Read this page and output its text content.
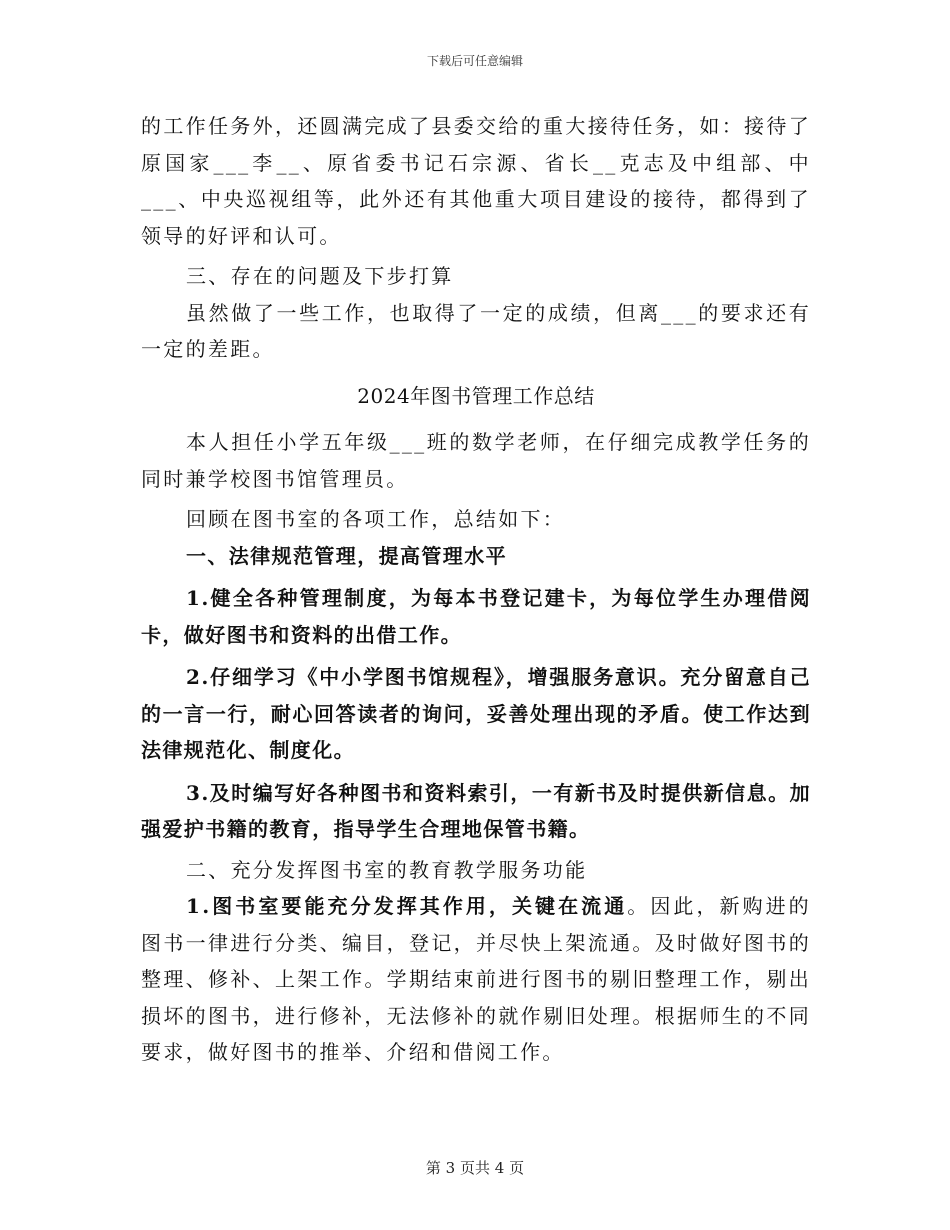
下载后可任意编辑

的工作任务外，还圆满完成了县委交给的重大接待任务，如：接待了原国家___李__、原省委书记石宗源、省长__克志及中组部、中___、中央巡视组等，此外还有其他重大项目建设的接待，都得到了领导的好评和认可。

三、存在的问题及下步打算

虽然做了一些工作，也取得了一定的成绩，但离___的要求还有一定的差距。

2024年图书管理工作总结

本人担任小学五年级___班的数学老师，在仔细完成教学任务的同时兼学校图书馆管理员。

回顾在图书室的各项工作，总结如下：

一、法律规范管理，提高管理水平

1.健全各种管理制度，为每本书登记建卡，为每位学生办理借阅卡，做好图书和资料的出借工作。

2.仔细学习《中小学图书馆规程》，增强服务意识。充分留意自己的一言一行，耐心回答读者的询问，妥善处理出现的矛盾。使工作达到法律规范化、制度化。

3.及时编写好各种图书和资料索引，一有新书及时提供新信息。加强爱护书籍的教育，指导学生合理地保管书籍。

二、充分发挥图书室的教育教学服务功能

1.图书室要能充分发挥其作用，关键在流通。因此，新购进的图书一律进行分类、编目，登记，并尽快上架流通。及时做好图书的整理、修补、上架工作。学期结束前进行图书的剔旧整理工作，剔出损坏的图书，进行修补，无法修补的就作剔旧处理。根据师生的不同要求，做好图书的推举、介绍和借阅工作。

第 3 页共 4 页
